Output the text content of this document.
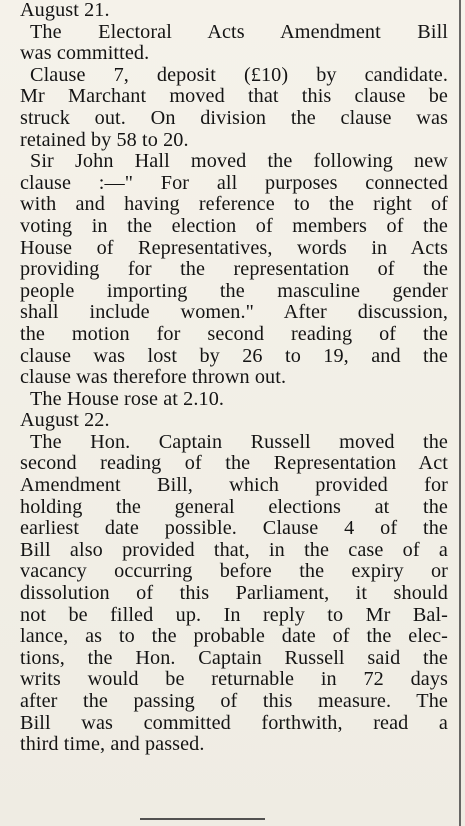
August 21.
The Electoral Acts Amendment Bill
was committed.
Clause 7, deposit (£10) by candidate.
Mr Marchant moved that this clause be
struck out. On division the clause was
retained by 58 to 20.
Sir John Hall moved the following new
clause :—" For all purposes connected
with and having reference to the right of
voting in the election of members of the
House of Representatives, words in Acts
providing for the representation of the
people importing the masculine gender
shall include women." After discussion,
the motion for second reading of the
clause was lost by 26 to 19, and the
clause was therefore thrown out.
The House rose at 2.10.
August 22.
The Hon. Captain Russell moved the
second reading of the Representation Act
Amendment Bill, which provided for
holding the general elections at the
earliest date possible. Clause 4 of the
Bill also provided that, in the case of a
vacancy occurring before the expiry or
dissolution of this Parliament, it should
not be filled up. In reply to Mr Bal-
lance, as to the probable date of the elec-
tions, the Hon. Captain Russell said the
writs would be returnable in 72 days
after the passing of this measure. The
Bill was committed forthwith, read a
third time, and passed.
